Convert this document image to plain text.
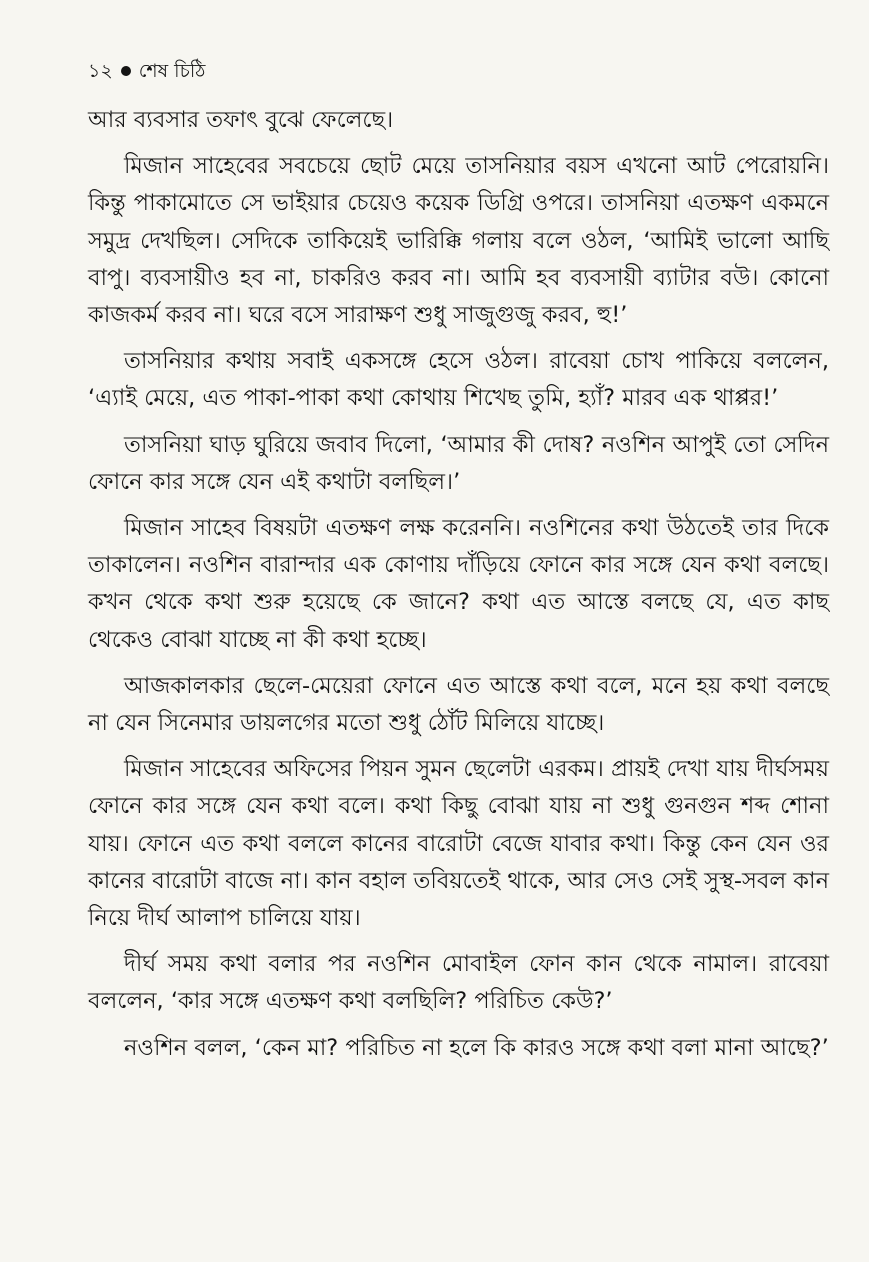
১২ শেষ চিঠি

আর ব্যবসার তফাৎ বুঝে ফেলেছে।

মিজান সাহেবের সবচেয়ে ছোট মেয়ে তাসনিয়ার বয়স এখনো আট পেরোয়নি। কিন্তু পাকামোতে সে ভাইয়ার চেয়েও কয়েক ডিগ্রি ওপরে। তাসনিয়া এতক্ষণ একমনে সমুদ্র দেখছিল। সেদিকে তাকিয়েই ভারিক্কি গলায় বলে ওঠল, ‘আমিই ভালো আছি বাপু। ব্যবসায়ীও হব না, চাকরিও করব না। আমি হব ব্যবসায়ী ব্যাটার বউ। কোনো কাজকর্ম করব না। ঘরে বসে সারাক্ষণ শুধু সাজুগুজু করব, হু!’

তাসনিয়ার কথায় সবাই একসঙ্গে হেসে ওঠল। রাবেয়া চোখ পাকিয়ে বললেন, ‘এ্যাই মেয়ে, এত পাকা-পাকা কথা কোথায় শিখেছ তুমি, হ্যাঁ? মারব এক থাপ্পর!’

তাসনিয়া ঘাড় ঘুরিয়ে জবাব দিলো, ‘আমার কী দোষ? নওশিন আপুই তো সেদিন ফোনে কার সঙ্গে যেন এই কথাটা বলছিল।’

মিজান সাহেব বিষয়টা এতক্ষণ লক্ষ করেননি। নওশিনের কথা উঠতেই তার দিকে তাকালেন। নওশিন বারান্দার এক কোণায় দাঁড়িয়ে ফোনে কার সঙ্গে যেন কথা বলছে। কখন থেকে কথা শুরু হয়েছে কে জানে? কথা এত আস্তে বলছে যে, এত কাছ থেকেও বোঝা যাচ্ছে না কী কথা হচ্ছে।

আজকালকার ছেলে-মেয়েরা ফোনে এত আস্তে কথা বলে, মনে হয় কথা বলছে না যেন সিনেমার ডায়লগের মতো শুধু ঠোঁট মিলিয়ে যাচ্ছে।

মিজান সাহেবের অফিসের পিয়ন সুমন ছেলেটা এরকম। প্রায়ই দেখা যায় দীর্ঘসময় ফোনে কার সঙ্গে যেন কথা বলে। কথা কিছু বোঝা যায় না শুধু গুনগুন শব্দ শোনা যায়। ফোনে এত কথা বললে কানের বারোটা বেজে যাবার কথা। কিন্তু কেন যেন ওর কানের বারোটা বাজে না। কান বহাল তবিয়তেই থাকে, আর সেও সেই সুস্থ-সবল কান নিয়ে দীর্ঘ আলাপ চালিয়ে যায়।

দীর্ঘ সময় কথা বলার পর নওশিন মোবাইল ফোন কান থেকে নামাল। রাবেয়া বললেন, ‘কার সঙ্গে এতক্ষণ কথা বলছিলি? পরিচিত কেউ?’

নওশিন বলল, ‘কেন মা? পরিচিত না হলে কি কারও সঙ্গে কথা বলা মানা আছে?’
